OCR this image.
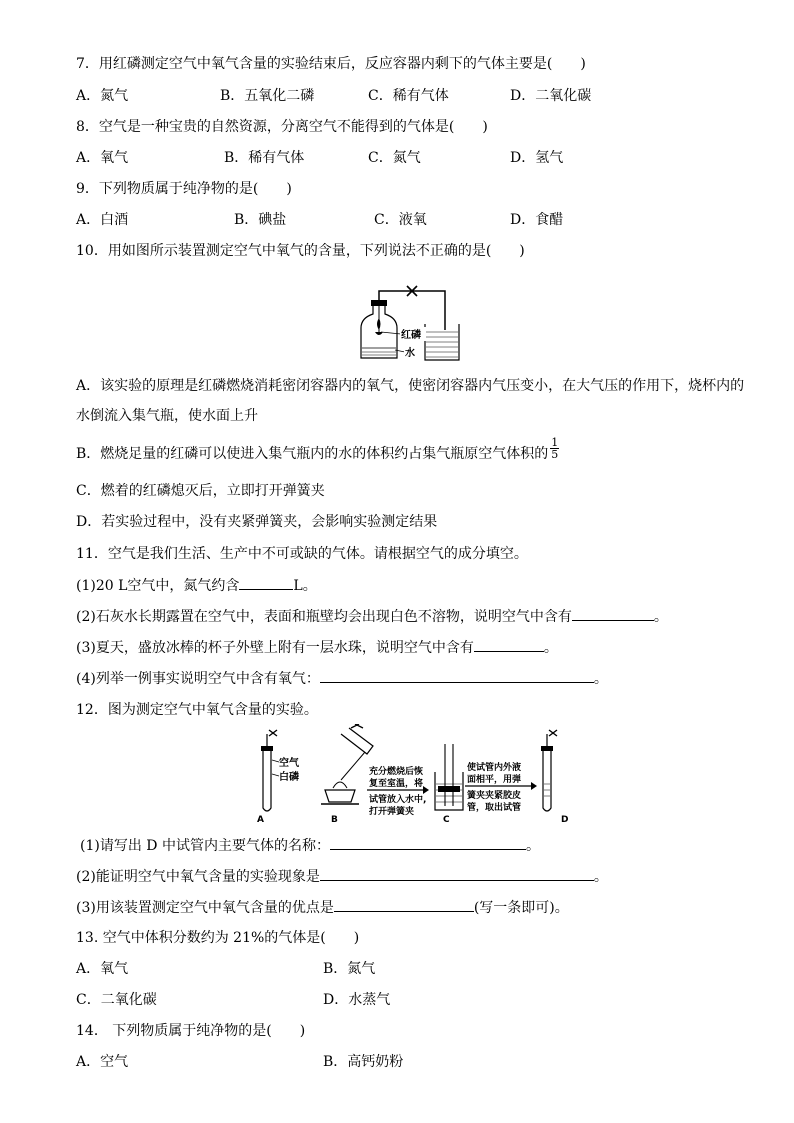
7．用红磷测定空气中氧气含量的实验结束后，反应容器内剩下的气体主要是(　　)
A．氮气	B．五氧化二磷	C．稀有气体	D．二氧化碳
8．空气是一种宝贵的自然资源，分离空气不能得到的气体是(　　)
A．氧气	B．稀有气体	C．氮气	D．氢气
9．下列物质属于纯净物的是(　　)
A．白酒	B．碘盐	C．液氧	D．食醋
10．用如图所示装置测定空气中氧气的含量，下列说法不正确的是(　　)
红磷
水
A．该实验的原理是红磷燃烧消耗密闭容器内的氧气，使密闭容器内气压变小，在大气压的作用下，烧杯内的
水倒流入集气瓶，使水面上升
B．燃烧足量的红磷可以使进入集气瓶内的水的体积约占集气瓶原空气体积的 $\frac{1}{5}$
C．燃着的红磷熄灭后，立即打开弹簧夹
D．若实验过程中，没有夹紧弹簧夹，会影响实验测定结果
11．空气是我们生活、生产中不可或缺的气体。请根据空气的成分填空。
(1)20 L空气中，氮气约含	L。
(2)石灰水长期露置在空气中，表面和瓶壁均会出现白色不溶物，说明空气中含有	。
(3)夏天，盛放冰棒的杯子外壁上附有一层水珠，说明空气中含有	。
(4)列举一例事实说明空气中含有氧气：	。
12．图为测定空气中氧气含量的实验。
空气
白磷
A	B
充分燃烧后恢
复至室温，将
试管放入水中,
打开弹簧夹
C
使试管内外液
面相平，用弹
簧夹夹紧胶皮
管，取出试管
D
(1)请写出 D 中试管内主要气体的名称：	。
(2)能证明空气中氧气含量的实验现象是	。
(3)用该装置测定空气中氧气含量的优点是	(写一条即可)。
13. 空气中体积分数约为 21%的气体是(　　)
A．氧气	B．氮气
C．二氧化碳	D．水蒸气
14． 下列物质属于纯净物的是(　　)
A．空气	B．高钙奶粉
